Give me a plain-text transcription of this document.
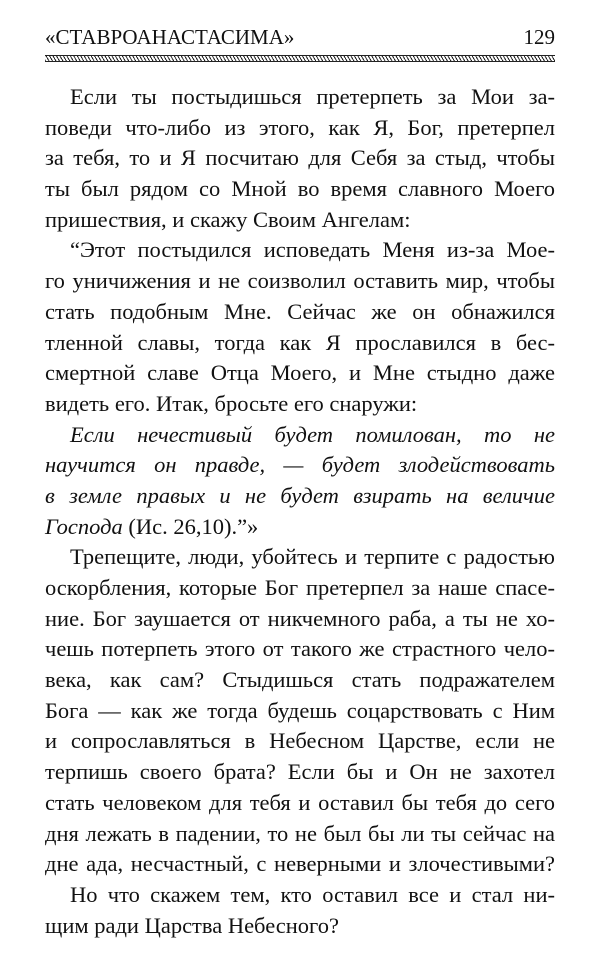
«СТАВРОАНАСТАСИМА»	129
Если ты постыдишься претерпеть за Мои за-
поведи что-либо из этого, как Я, Бог, претерпел
за тебя, то и Я посчитаю для Себя за стыд, чтобы
ты был рядом со Мной во время славного Моего
пришествия, и скажу Своим Ангелам:
“Этот постыдился исповедать Меня из-за Мое-
го уничижения и не соизволил оставить мир, чтобы
стать подобным Мне. Сейчас же он обнажился
тленной славы, тогда как Я прославился в бес-
смертной славе Отца Моего, и Мне стыдно даже
видеть его. Итак, бросьте его снаружи:
Если нечестивый будет помилован, то не
научится он правде, — будет злодействовать
в земле правых и не будет взирать на величие
Господа (Ис. 26,10).”»
Трепещите, люди, убойтесь и терпите с радостью
оскорбления, которые Бог претерпел за наше спасе-
ние. Бог заушается от никчемного раба, а ты не хо-
чешь потерпеть этого от такого же страстного чело-
века, как сам? Стыдишься стать подражателем
Бога — как же тогда будешь соцарствовать с Ним
и сопрославляться в Небесном Царстве, если не
терпишь своего брата? Если бы и Он не захотел
стать человеком для тебя и оставил бы тебя до сего
дня лежать в падении, то не был бы ли ты сейчас на
дне ада, несчастный, с неверными и злочестивыми?
Но что скажем тем, кто оставил все и стал ни-
щим ради Царства Небесного?
